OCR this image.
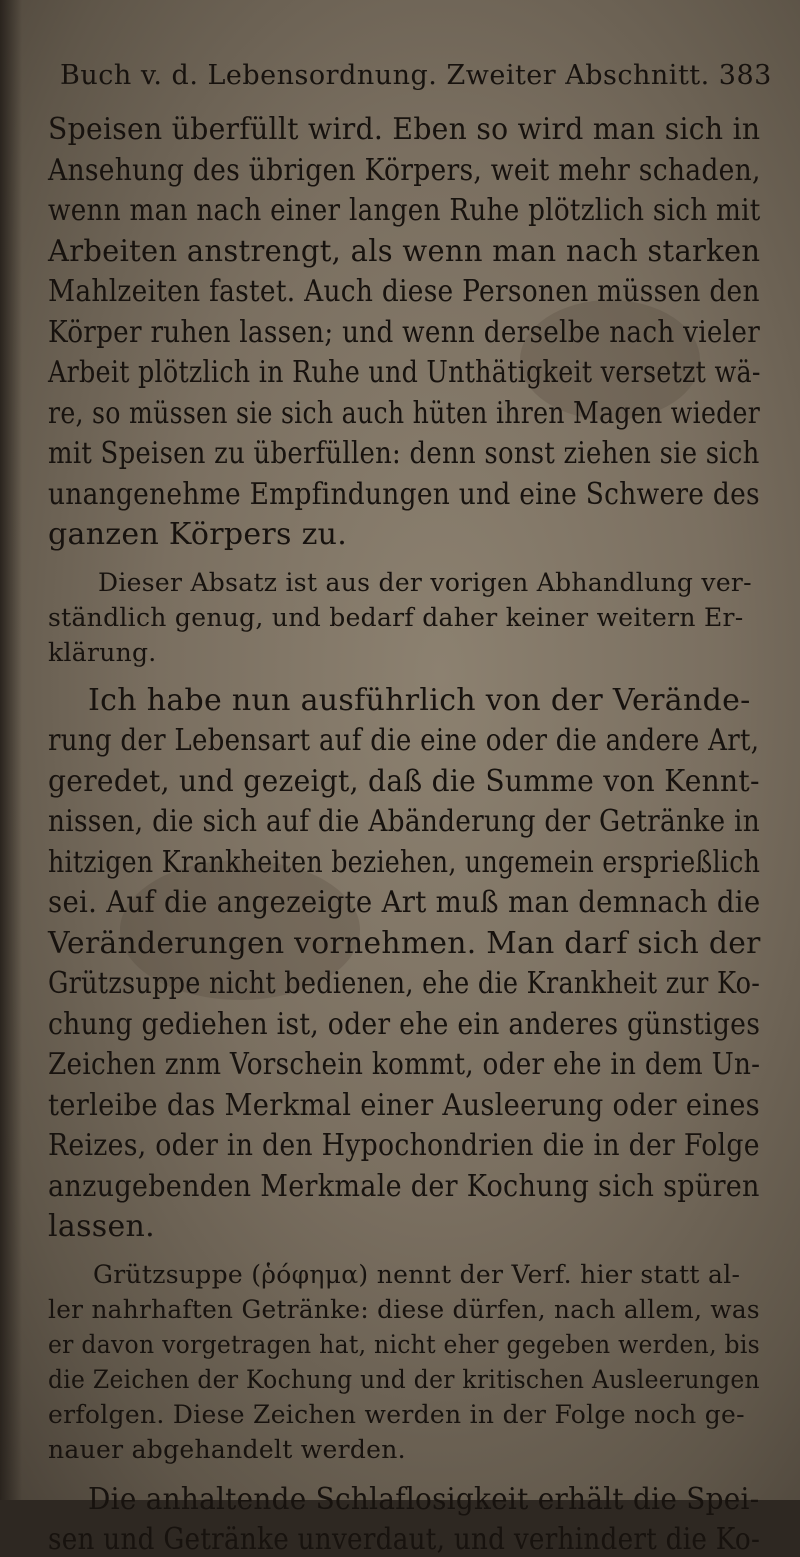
Buch v. d. Lebensordnung. Zweiter Abschnitt. 383
Speisen überfüllt wird. Eben so wird man sich in
Ansehung des übrigen Körpers, weit mehr schaden,
wenn man nach einer langen Ruhe plötzlich sich mit
Arbeiten anstrengt, als wenn man nach starken
Mahlzeiten fastet. Auch diese Personen müssen den
Körper ruhen lassen; und wenn derselbe nach vieler
Arbeit plötzlich in Ruhe und Unthätigkeit versetzt wä-
re, so müssen sie sich auch hüten ihren Magen wieder
mit Speisen zu überfüllen: denn sonst ziehen sie sich
unangenehme Empfindungen und eine Schwere des
ganzen Körpers zu.
Dieser Absatz ist aus der vorigen Abhandlung ver-
ständlich genug, und bedarf daher keiner weitern Er-
klärung.
Ich habe nun ausführlich von der Verände-
rung der Lebensart auf die eine oder die andere Art,
geredet, und gezeigt, daß die Summe von Kennt-
nissen, die sich auf die Abänderung der Getränke in
hitzigen Krankheiten beziehen, ungemein ersprießlich
sei. Auf die angezeigte Art muß man demnach die
Veränderungen vornehmen. Man darf sich der
Grützsuppe nicht bedienen, ehe die Krankheit zur Ko-
chung gediehen ist, oder ehe ein anderes günstiges
Zeichen znm Vorschein kommt, oder ehe in dem Un-
terleibe das Merkmal einer Ausleerung oder eines
Reizes, oder in den Hypochondrien die in der Folge
anzugebenden Merkmale der Kochung sich spüren
lassen.
Grützsuppe (ῥόφημα) nennt der Verf. hier statt al-
ler nahrhaften Getränke: diese dürfen, nach allem, was
er davon vorgetragen hat, nicht eher gegeben werden, bis
die Zeichen der Kochung und der kritischen Ausleerungen
erfolgen. Diese Zeichen werden in der Folge noch ge-
nauer abgehandelt werden.
Die anhaltende Schlaflosigkeit erhält die Spei-
sen und Getränke unverdaut, und verhindert die Ko-
